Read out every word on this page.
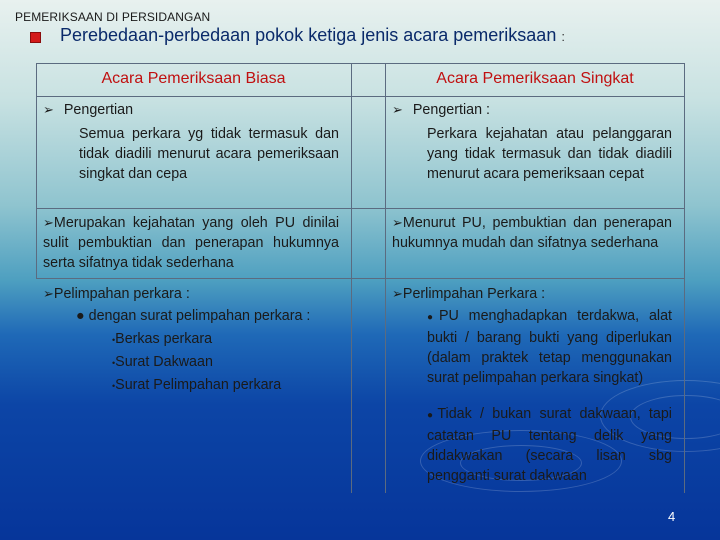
PEMERIKSAAN DI PERSIDANGAN
Perebedaan-perbedaan pokok ketiga jenis acara pemeriksaan :
Acara Pemeriksaan Biasa	Acara Pemeriksaan Singkat
➢ Pengertian
Semua perkara yg tidak termasuk dan tidak diadili menurut acara pemeriksaan singkat dan cepa
➢ Pengertian :
Perkara kejahatan atau pelanggaran yang tidak termasuk dan tidak diadili menurut acara pemeriksaan cepat
➢Merupakan kejahatan yang oleh PU dinilai sulit pembuktian dan penerapan hukumnya serta sifatnya tidak sederhana
➢Menurut PU, pembuktian dan penerapan hukumnya mudah dan sifatnya sederhana
➢Pelimpahan perkara :
● dengan surat pelimpahan perkara :
•Berkas perkara
•Surat Dakwaan
•Surat Pelimpahan perkara
➢Perlimpahan Perkara :
●PU menghadapkan terdakwa, alat bukti / barang bukti yang diperlukan (dalam praktek tetap menggunakan surat pelimpahan perkara singkat)
●Tidak / bukan surat dakwaan, tapi catatan PU tentang delik yang didakwakan (secara lisan sbg pengganti surat dakwaan
4
